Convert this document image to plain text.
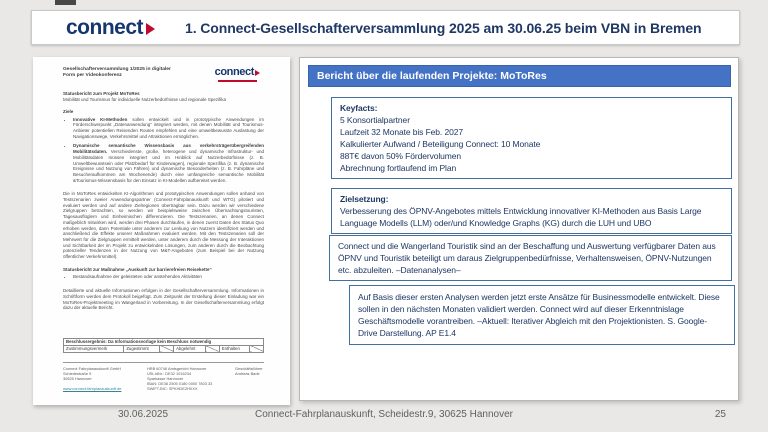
connect	1. Connect-Gesellschafterversammlung 2025 am 30.06.25 beim VBN in Bremen
Gesellschafterversammlung 1/2025 in digitaler Form per Videokonferenz	connect
Statusbericht zum Projekt MoToRes
Mobilität und Tourismus für individuelle Nutzerbedürfnisse und regionale Spezifika
Ziele
• Innovative KI-Methoden sollen entwickelt und in prototypische Anwendungen im Förderschwerpunkt „Datenanwendung“ integriert werden, mit denen Mobilität und Tourismus-Anbieter potentiellen Reisenden Routen empfehlen und eine umweltbewusste Auslastung der Navigationswege, Verkehrsmittel und Attraktionen ermöglichen.
• Dynamische semantische Wissensbasis aus verkehrsträgerübergreifenden Mobilitätsdaten. Verschiedenste, große, heterogene und dynamische Infrastruktur- und Mobilitätsdaten müssen integriert und im Hinblick auf Nutzerbedürfnisse (z. B. Umweltbewusstsein oder Platzbedarf für Kinderwagen), regionale Spezifika (z. B. dynamische Ereignisse und Nutzung von Fähren) und dynamische Besonderheiten (z. B. Fahrpläne und Besucheraufkommen am Wochenende) durch eine umfangreiche semantische Mobilität &Tourismus-Wissensbasis für den Einsatz in KI-Modellen aufbereitet werden.
Die in MoToRes entwickelten KI-Algorithmen und prototypischen Anwendungen sollen anhand von Testszenarien zweier Anwendungspartner (Connect-Fahrplanauskunft und WTG) pilotiert und evaluiert werden und auf andere Zielregionen übertragbar sein. Dazu werden wir verschiedene Zielgruppen betrachten, so werden wir beispielsweise zwischen Übernachtungstouristen, Tagesausflüglern und Einheimischen differenzieren. Die Testszenarien, an denen Connect maßgeblich mitwirken wird, werden drei Phasen durchlaufen, in denen zuerst Daten des Status Quo erhoben werden, dann Potentiale unter anderem zur Lenkung von Nutzern identifiziert werden und anschließend die Effekte unserer Maßnahmen evaluiert werden. Mit den Testszenarien soll der Mehrwert für die Zielgruppen ermittelt werden, unter anderem durch die Messung der Interaktionen und Sichtbarkeit der im Projekt zu entwickelnden Lösungen, zum anderen durch die Beobachtung potenzieller Tendenzen in der Nutzung von M&T-Angeboten (zum Beispiel bei der Nutzung öffentlicher Verkehrsmittel).
Statusbericht zur Maßnahme „Auskunft zur barrierefreien Reisekette“
• Bestandsaufnahme der geleisteten oder anstehenden Aktivitäten
Detaillierte und aktuelle Informationen erfolgen in der Gesellschafterversammlung. Informationen in Schriftform werden dem Protokoll beigefügt. Zum Zeitpunkt der Erstellung dieser Einladung war ein MoToRes-Projektmeeting im Wangerland in Vorbereitung. In der Gesellschafterversammlung erfolgt dazu der aktuelle Bericht.
Beschlussergebnis: Da Informationsvorlage kein Beschluss notwendig
Zustimmungsvermerk	Zugestimmt		Abgelehnt		Enthalten	
Connect Fahrplanauskunft GmbH
Schiedestraße 9
30625 Hannover
www.connect-fahrplanauskunft.de
HRB 60746 Amtsgericht Hannover
USt-IdNr.: DE32 1016234
Sparkasse Hannover
IBAN: DE38 2505 0180 0000 7803 33
SWIFT-BIC: SPKHDE2HXXX
Geschäftsführer
Andreas Bade
Bericht über die laufenden Projekte: MoToRes
Keyfacts:
5 Konsortialpartner
Laufzeit 32 Monate bis Feb. 2027
Kalkulierter Aufwand / Beteiligung Connect: 10 Monate
88T€ davon 50% Fördervolumen
Abrechnung fortlaufend im Plan
Zielsetzung:
Verbesserung des ÖPNV-Angebotes mittels Entwicklung innovativer KI-Methoden aus Basis Large Language Modells (LLM) oder/und Knowledge Graphs (KG) durch die LUH und UBO
Connect und die Wangerland Touristik sind an der Beschaffung und Auswertung verfügbarer Daten aus ÖPNV und Touristik beteiligt um daraus Zielgruppenbedürfnisse, Verhaltensweisen, ÖPNV-Nutzungen etc. abzuleiten. –Datenanalysen–
Auf Basis dieser ersten Analysen werden jetzt erste Ansätze für Businessmodelle entwickelt. Diese sollen in den nächsten Monaten validiert werden. Connect wird auf dieser Erkenntnislage Geschäftsmodelle vorantreiben. –Aktuell: Iterativer Abgleich mit den Projektionisten. S. Google-Drive Darstellung. AP E1.4
30.06.2025	Connect-Fahrplanauskunft, Scheidestr.9, 30625 Hannover	25
